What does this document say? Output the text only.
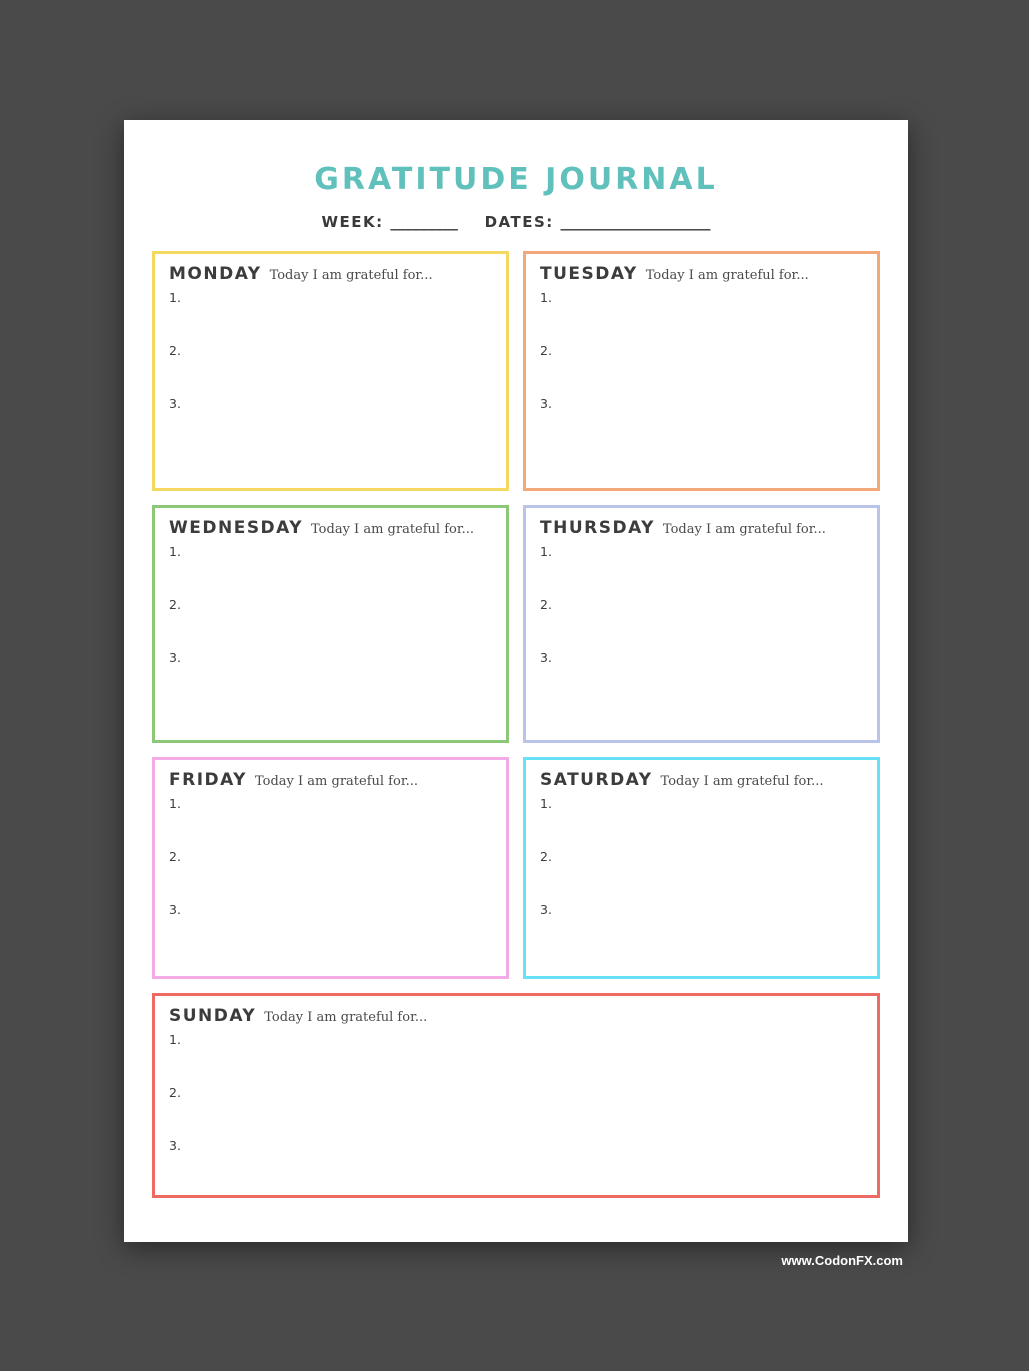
GRATITUDE JOURNAL
WEEK: _________ DATES: ____________________
MONDAY Today I am grateful for...
1.
2.
3.
TUESDAY Today I am grateful for...
1.
2.
3.
WEDNESDAY Today I am grateful for...
1.
2.
3.
THURSDAY Today I am grateful for...
1.
2.
3.
FRIDAY Today I am grateful for...
1.
2.
3.
SATURDAY Today I am grateful for...
1.
2.
3.
SUNDAY Today I am grateful for...
1.
2.
3.
www.CodonFX.com
